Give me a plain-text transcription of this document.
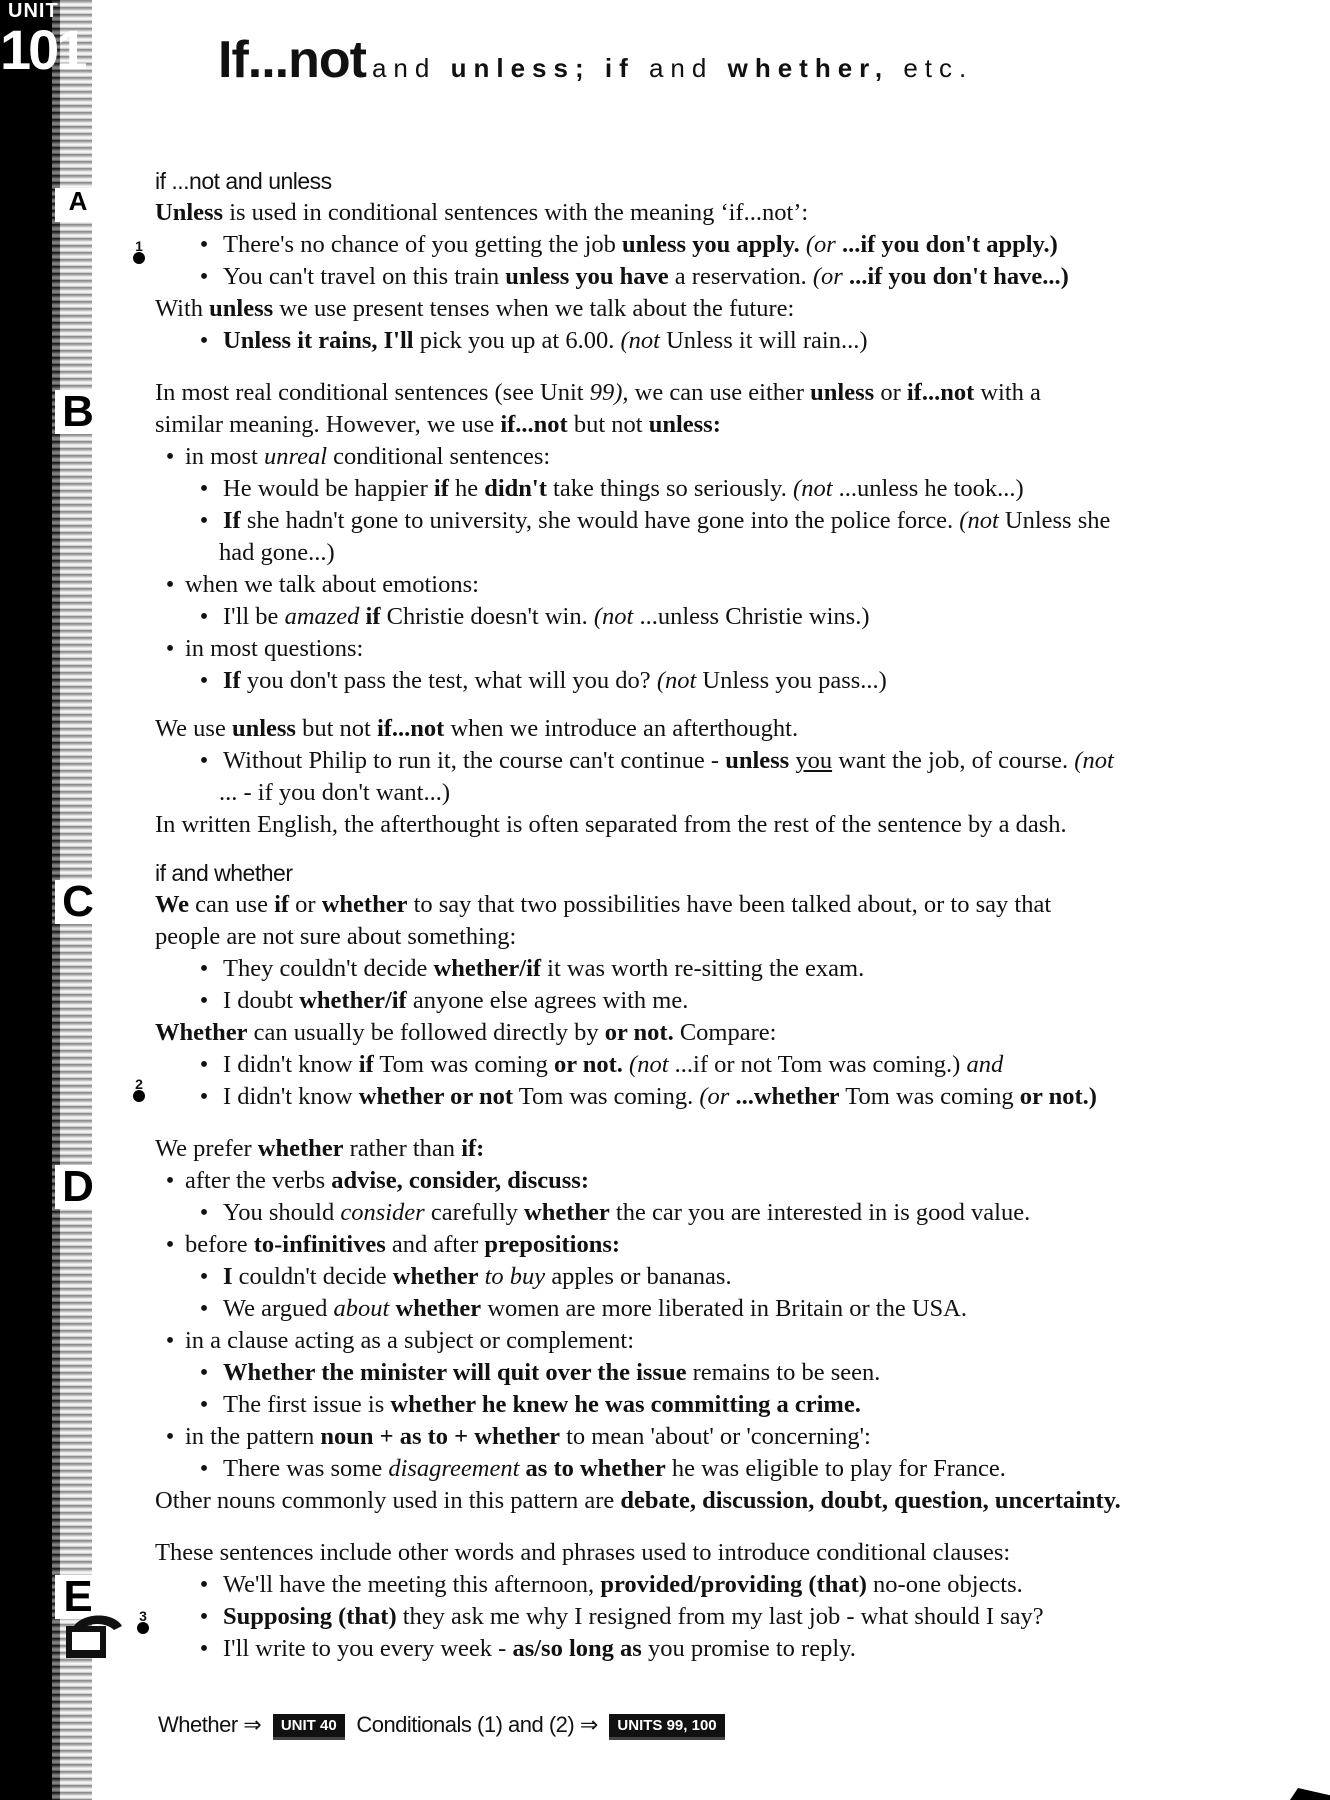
UNIT
101	If...not and unless; if and whether, etc.
A
B
C
D
E
1
2
3
if ...not and unless
Unless is used in conditional sentences with the meaning ‘if...not’:
• There's no chance of you getting the job unless you apply. (or ...if you don't apply.)
• You can't travel on this train unless you have a reservation. (or ...if you don't have...)
With unless we use present tenses when we talk about the future:
• Unless it rains, I'll pick you up at 6.00. (not Unless it will rain...)
In most real conditional sentences (see Unit 99), we can use either unless or if...not with a
similar meaning. However, we use if...not but not unless:
• in most unreal conditional sentences:
• He would be happier if he didn't take things so seriously. (not ...unless he took...)
• If she hadn't gone to university, she would have gone into the police force. (not Unless she
had gone...)
• when we talk about emotions:
• I'll be amazed if Christie doesn't win. (not ...unless Christie wins.)
• in most questions:
• If you don't pass the test, what will you do? (not Unless you pass...)
We use unless but not if...not when we introduce an afterthought.
• Without Philip to run it, the course can't continue - unless you want the job, of course. (not
... - if you don't want...)
In written English, the afterthought is often separated from the rest of the sentence by a dash.
if and whether
We can use if or whether to say that two possibilities have been talked about, or to say that
people are not sure about something:
• They couldn't decide whether/if it was worth re-sitting the exam.
• I doubt whether/if anyone else agrees with me.
Whether can usually be followed directly by or not. Compare:
• I didn't know if Tom was coming or not. (not ...if or not Tom was coming.) and
• I didn't know whether or not Tom was coming. (or ...whether Tom was coming or not.)
We prefer whether rather than if:
• after the verbs advise, consider, discuss:
• You should consider carefully whether the car you are interested in is good value.
• before to-infinitives and after prepositions:
• I couldn't decide whether to buy apples or bananas.
• We argued about whether women are more liberated in Britain or the USA.
• in a clause acting as a subject or complement:
• Whether the minister will quit over the issue remains to be seen.
• The first issue is whether he knew he was committing a crime.
• in the pattern noun + as to + whether to mean 'about' or 'concerning':
• There was some disagreement as to whether he was eligible to play for France.
Other nouns commonly used in this pattern are debate, discussion, doubt, question, uncertainty.
These sentences include other words and phrases used to introduce conditional clauses:
• We'll have the meeting this afternoon, provided/providing (that) no-one objects.
• Supposing (that) they ask me why I resigned from my last job - what should I say?
• I'll write to you every week - as/so long as you promise to reply.
Whether ⇒ UNIT 40 Conditionals (1) and (2) ⇒ UNITS 99, 100
